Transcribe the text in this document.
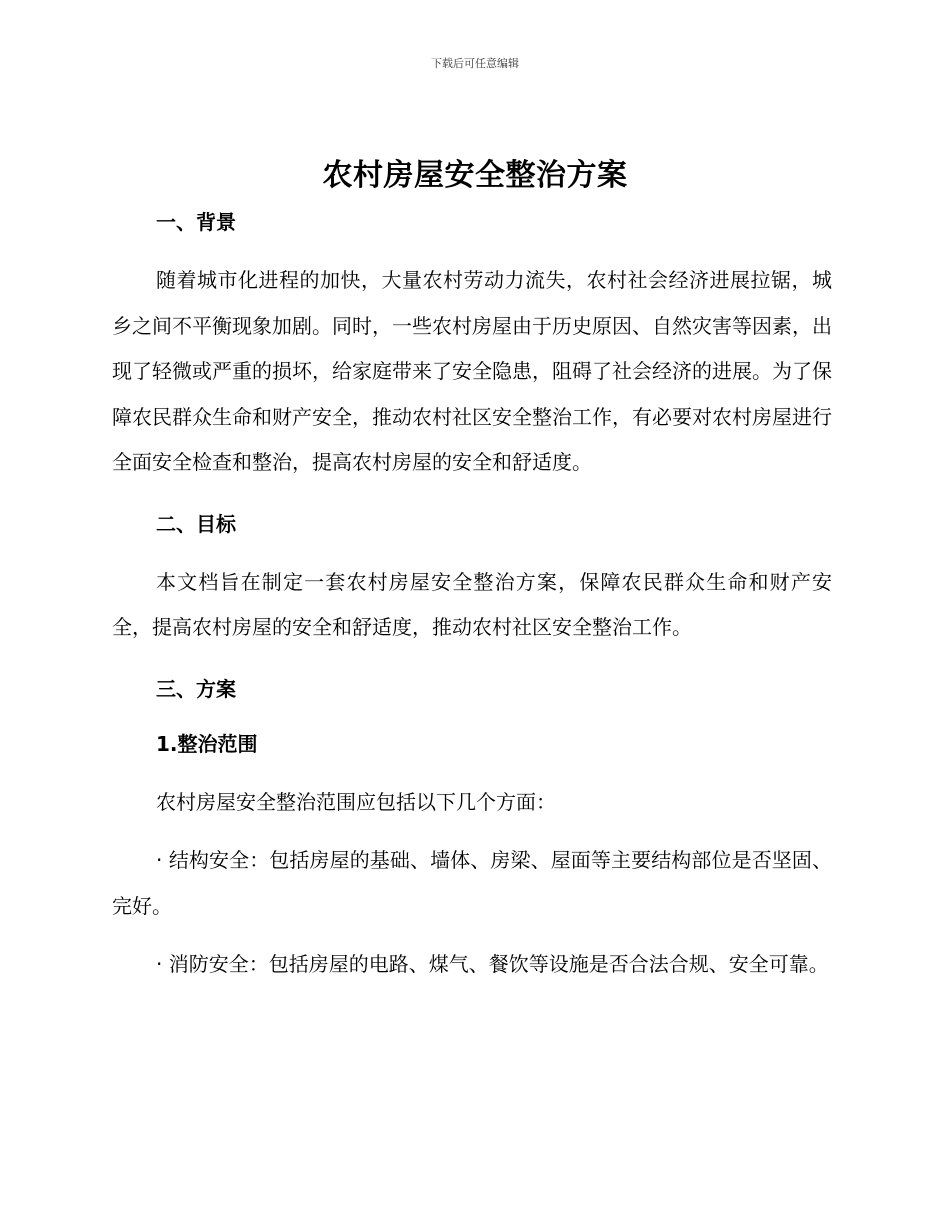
下载后可任意编辑
农村房屋安全整治方案
一、背景

随着城市化进程的加快，大量农村劳动力流失，农村社会经济进展拉锯，城乡之间不平衡现象加剧。同时，一些农村房屋由于历史原因、自然灾害等因素，出现了轻微或严重的损坏，给家庭带来了安全隐患，阻碍了社会经济的进展。为了保障农民群众生命和财产安全，推动农村社区安全整治工作，有必要对农村房屋进行全面安全检查和整治，提高农村房屋的安全和舒适度。

二、目标

本文档旨在制定一套农村房屋安全整治方案，保障农民群众生命和财产安全，提高农村房屋的安全和舒适度，推动农村社区安全整治工作。

三、方案
1.整治范围

农村房屋安全整治范围应包括以下几个方面：

· 结构安全：包括房屋的基础、墙体、房梁、屋面等主要结构部位是否坚固、完好。

· 消防安全：包括房屋的电路、煤气、餐饮等设施是否合法合规、安全可靠。
